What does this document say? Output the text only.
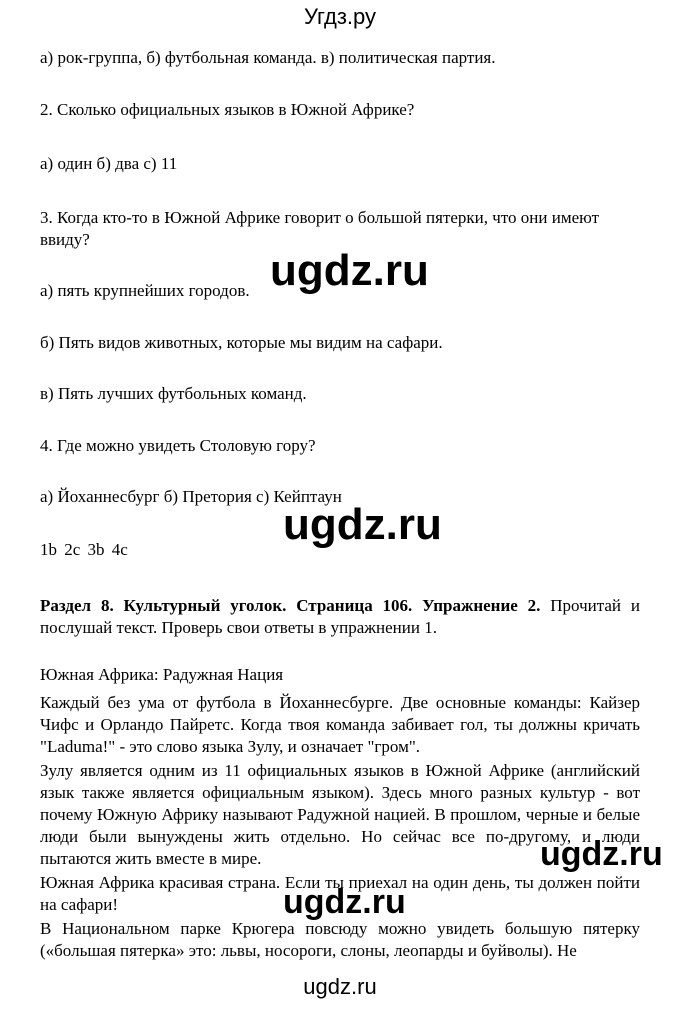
Угдз.ру
а) рок-группа, б) футбольная команда. в) политическая партия.
2. Сколько официальных языков в Южной Африке?
а) один б) два c) 11
3. Когда кто-то в Южной Африке говорит о большой пятерки, что они имеют ввиду?
ugdz.ru
а) пять крупнейших городов.
б) Пять видов животных, которые мы видим на сафари.
в) Пять лучших футбольных команд.
4. Где можно увидеть Столовую гору?
а) Йоханнесбург б) Претория с) Кейптаун
ugdz.ru
1b 2c 3b 4c
Раздел 8. Культурный уголок. Страница 106. Упражнение 2. Прочитай и послушай текст. Проверь свои ответы в упражнении 1.
Южная Африка: Радужная Нация
Каждый без ума от футбола в Йоханнесбурге. Две основные команды: Кайзер Чифс и Орландо Пайретс. Когда твоя команда забивает гол, ты должны кричать "Laduma!" - это слово языка Зулу, и означает "гром".
Зулу является одним из 11 официальных языков в Южной Африке (английский язык также является официальным языком). Здесь много разных культур - вот почему Южную Африку называют Радужной нацией. В прошлом, черные и белые люди были вынуждены жить отдельно. Но сейчас все по-другому, и люди пытаются жить вместе в мире.	ugdz.ru
Южная Африка красивая страна. Если ты приехал на один день, ты должен пойти на сафари!	ugdz.ru
В Национальном парке Крюгера повсюду можно увидеть большую пятерку («большая пятерка» это: львы, носороги, слоны, леопарды и буйволы). Не
ugdz.ru
